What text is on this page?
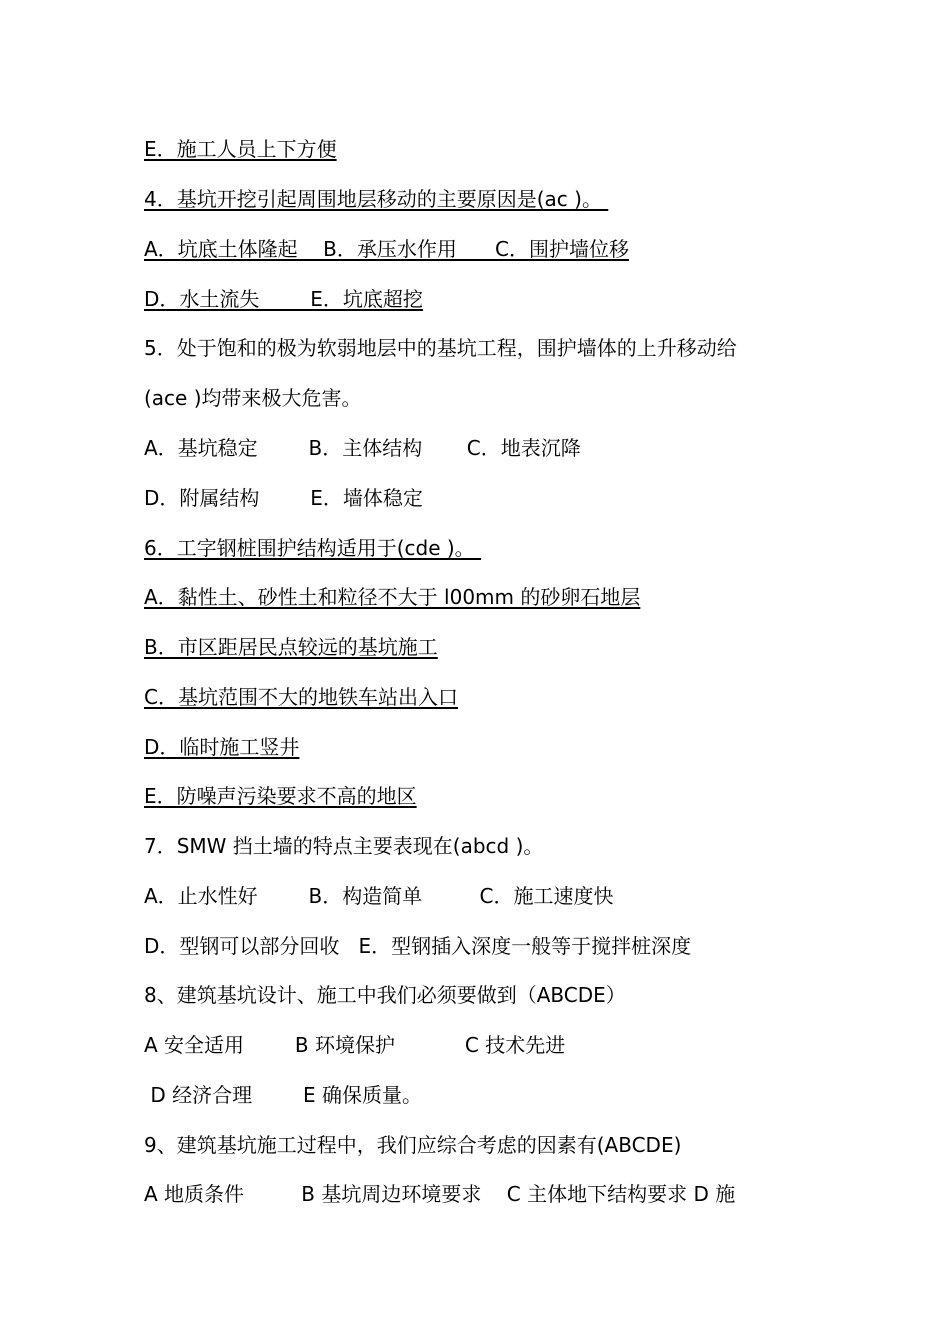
E．施工人员上下方便
4．基坑开挖引起周围地层移动的主要原因是(ac )。
A．坑底土体隆起    B．承压水作用      C．围护墙位移
D．水土流失        E．坑底超挖
5．处于饱和的极为软弱地层中的基坑工程，围护墙体的上升移动给
(ace )均带来极大危害。
A．基坑稳定        B．主体结构       C．地表沉降
D．附属结构        E．墙体稳定
6．工字钢桩围护结构适用于(cde )。
A．黏性土、砂性土和粒径不大于 l00mm 的砂卵石地层
B．市区距居民点较远的基坑施工
C．基坑范围不大的地铁车站出入口
D．临时施工竖井
E．防噪声污染要求不高的地区
7．SMW 挡土墙的特点主要表现在(abcd )。
A．止水性好        B．构造简单         C．施工速度快
D．型钢可以部分回收   E．型钢插入深度一般等于搅拌桩深度
8、建筑基坑设计、施工中我们必须要做到（ABCDE）
A 安全适用        B 环境保护           C 技术先进
D 经济合理        E 确保质量。
9、建筑基坑施工过程中，我们应综合考虑的因素有(ABCDE)
A 地质条件         B 基坑周边环境要求    C 主体地下结构要求 D 施
